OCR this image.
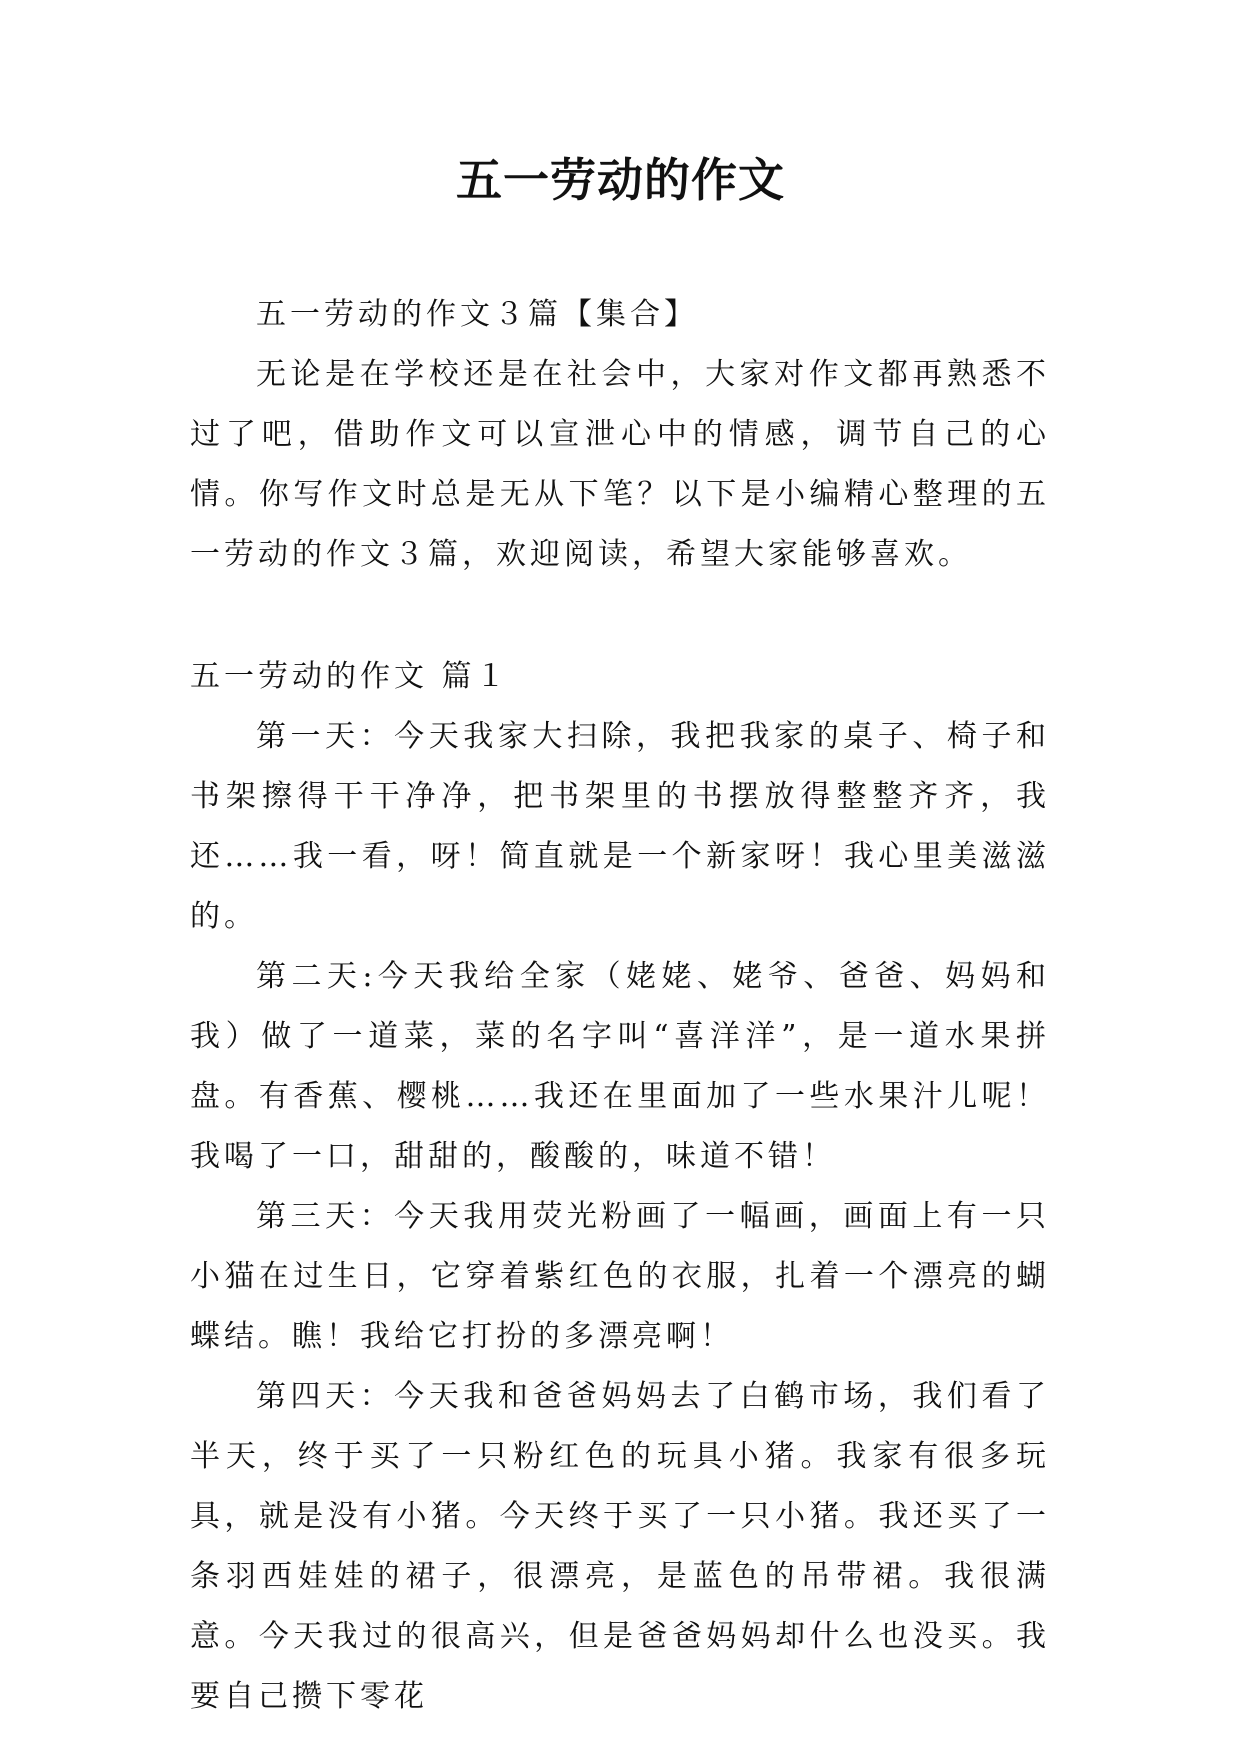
五一劳动的作文

五一劳动的作文３篇【集合】

无论是在学校还是在社会中，大家对作文都再熟悉不过了吧，借助作文可以宣泄心中的情感，调节自己的心情。你写作文时总是无从下笔？以下是小编精心整理的五一劳动的作文３篇，欢迎阅读，希望大家能够喜欢。

五一劳动的作文 篇１

第一天：今天我家大扫除，我把我家的桌子、椅子和书架擦得干干净净，把书架里的书摆放得整整齐齐，我还……我一看，呀！简直就是一个新家呀！我心里美滋滋的。

第二天:今天我给全家（姥姥、姥爷、爸爸、妈妈和我）做了一道菜，菜的名字叫“喜洋洋”，是一道水果拼盘。有香蕉、樱桃……我还在里面加了一些水果汁儿呢！我喝了一口，甜甜的，酸酸的，味道不错！

第三天：今天我用荧光粉画了一幅画，画面上有一只小猫在过生日，它穿着紫红色的衣服，扎着一个漂亮的蝴蝶结。瞧！我给它打扮的多漂亮啊！

第四天：今天我和爸爸妈妈去了白鹤市场，我们看了半天，终于买了一只粉红色的玩具小猪。我家有很多玩具，就是没有小猪。今天终于买了一只小猪。我还买了一条羽西娃娃的裙子，很漂亮，是蓝色的吊带裙。我很满意。今天我过的很高兴，但是爸爸妈妈却什么也没买。我要自己攒下零花
